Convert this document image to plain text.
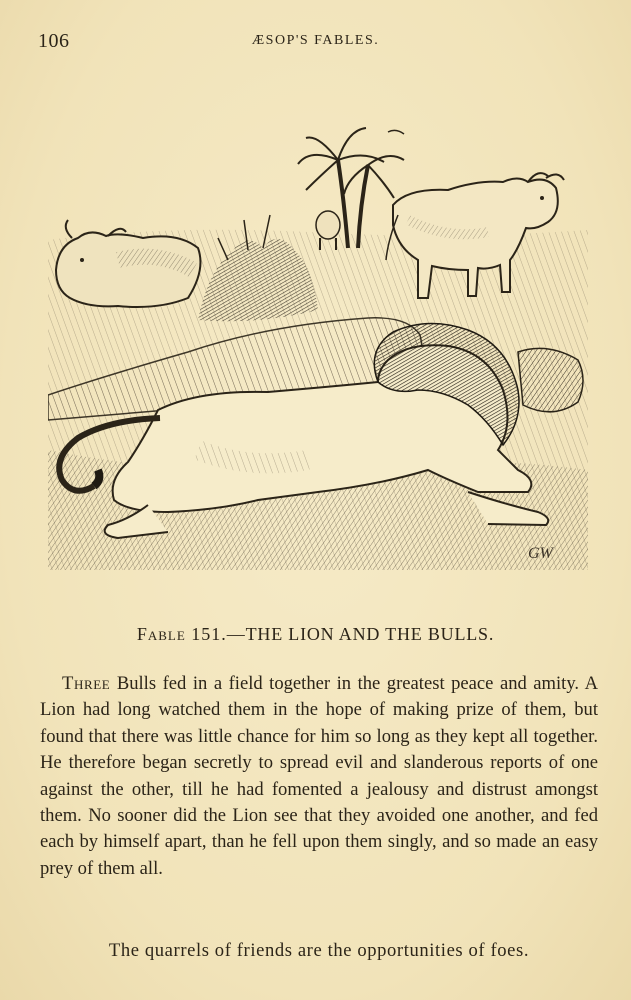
106	ÆSOP'S FABLES.
GW
Fable 151.—THE LION AND THE BULLS.

Three Bulls fed in a field together in the greatest peace and amity. A Lion had long watched them in the hope of making prize of them, but found that there was little chance for him so long as they kept all together. He therefore began secretly to spread evil and slanderous reports of one against the other, till he had fomented a jealousy and distrust amongst them. No sooner did the Lion see that they avoided one another, and fed each by himself apart, than he fell upon them singly, and so made an easy prey of them all.

The quarrels of friends are the opportunities of foes.
